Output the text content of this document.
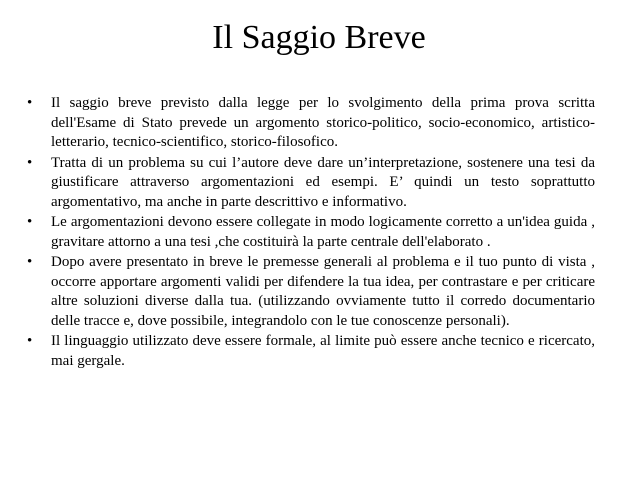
Il Saggio Breve
• Il saggio breve previsto dalla legge per lo svolgimento della prima prova scritta dell'Esame di Stato prevede un argomento storico-politico, socio-economico, artistico-letterario, tecnico-scientifico, storico-filosofico.
• Tratta di un problema su cui l’autore deve dare un’interpretazione, sostenere una tesi da giustificare attraverso argomentazioni ed esempi. E’ quindi un testo soprattutto argomentativo, ma anche in parte descrittivo e informativo.
• Le argomentazioni devono essere collegate in modo logicamente corretto a un'idea guida , gravitare attorno a una tesi ,che costituirà la parte centrale dell'elaborato .
• Dopo avere presentato in breve le premesse generali al problema e il tuo punto di vista , occorre apportare argomenti validi per difendere la tua idea, per contrastare e per criticare altre soluzioni diverse dalla tua. (utilizzando ovviamente tutto il corredo documentario delle tracce e, dove possibile, integrandolo con le tue conoscenze personali).
• Il linguaggio utilizzato deve essere formale, al limite può essere anche tecnico e ricercato, mai gergale.
